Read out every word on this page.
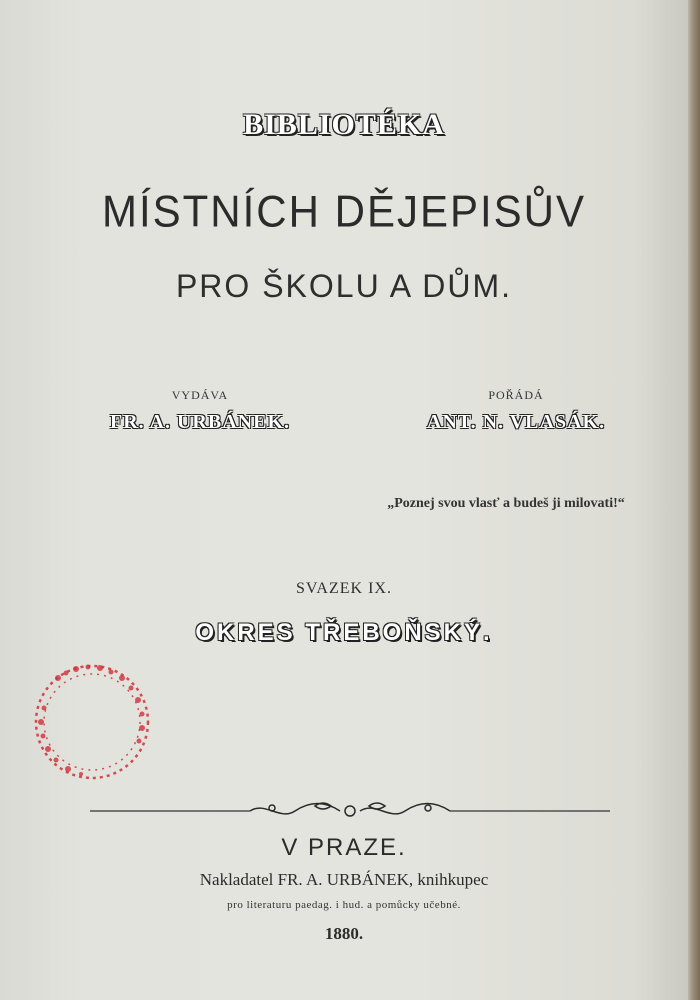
BIBLIOTÉKA
MÍSTNÍCH DĚJEPISŮV
PRO ŠKOLU A DŮM.
VYDÁVA
FR. A. URBÁNEK.
POŘÁDÁ
ANT. N. VLASÁK.
„Poznej svou vlasť a budeš ji milovati!“
SVAZEK IX.
OKRES TŘEBOŇSKÝ.
V PRAZE.
Nakladatel FR. A. URBÁNEK, knihkupec
pro literaturu paedag. i hud. a pomůcky učebné.
1880.
